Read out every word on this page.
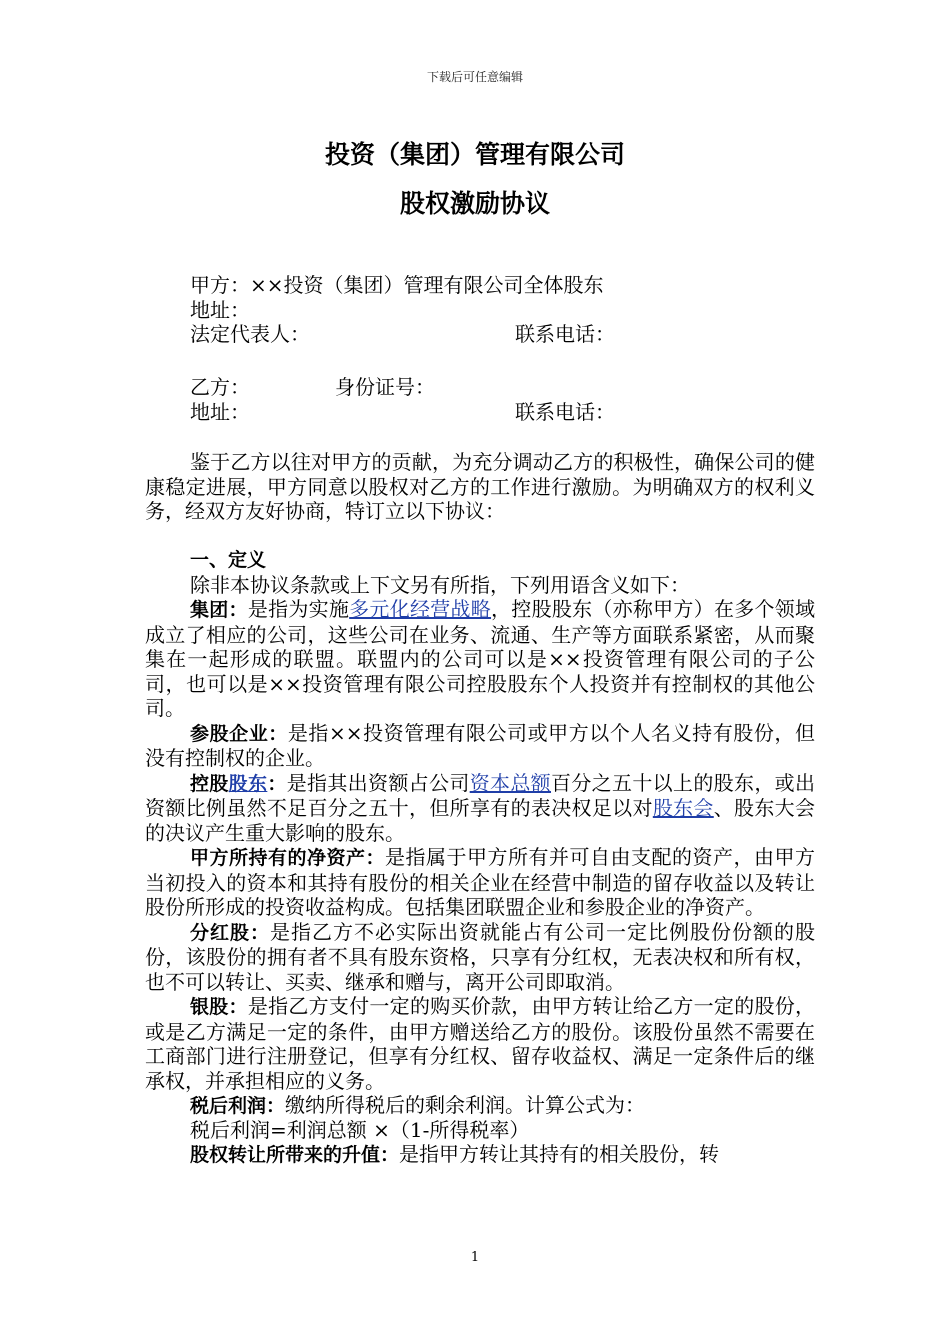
下载后可任意编辑
投资（集团）管理有限公司
股权激励协议
甲方：××投资（集团）管理有限公司全体股东
地址：
法定代表人：	联系电话：
乙方：	身份证号：
地址：	联系电话：
鉴于乙方以往对甲方的贡献，为充分调动乙方的积极性，确保公司的健康稳定进展，甲方同意以股权对乙方的工作进行激励。为明确双方的权利义务，经双方友好协商，特订立以下协议：
一、定义
除非本协议条款或上下文另有所指，下列用语含义如下：
集团：是指为实施多元化经营战略，控股股东（亦称甲方）在多个领域成立了相应的公司，这些公司在业务、流通、生产等方面联系紧密，从而聚集在一起形成的联盟。联盟内的公司可以是××投资管理有限公司的子公司，也可以是××投资管理有限公司控股股东个人投资并有控制权的其他公司。
参股企业：是指××投资管理有限公司或甲方以个人名义持有股份，但没有控制权的企业。
控股股东：是指其出资额占公司资本总额百分之五十以上的股东，或出资额比例虽然不足百分之五十，但所享有的表决权足以对股东会、股东大会的决议产生重大影响的股东。
甲方所持有的净资产：是指属于甲方所有并可自由支配的资产，由甲方当初投入的资本和其持有股份的相关企业在经营中制造的留存收益以及转让股份所形成的投资收益构成。包括集团联盟企业和参股企业的净资产。
分红股：是指乙方不必实际出资就能占有公司一定比例股份份额的股份，该股份的拥有者不具有股东资格，只享有分红权，无表决权和所有权，也不可以转让、买卖、继承和赠与，离开公司即取消。
银股：是指乙方支付一定的购买价款，由甲方转让给乙方一定的股份，或是乙方满足一定的条件，由甲方赠送给乙方的股份。该股份虽然不需要在工商部门进行注册登记，但享有分红权、留存收益权、满足一定条件后的继承权，并承担相应的义务。
税后利润：缴纳所得税后的剩余利润。计算公式为：
税后利润=利润总额 ×（1-所得税率）
股权转让所带来的升值：是指甲方转让其持有的相关股份，转
1
